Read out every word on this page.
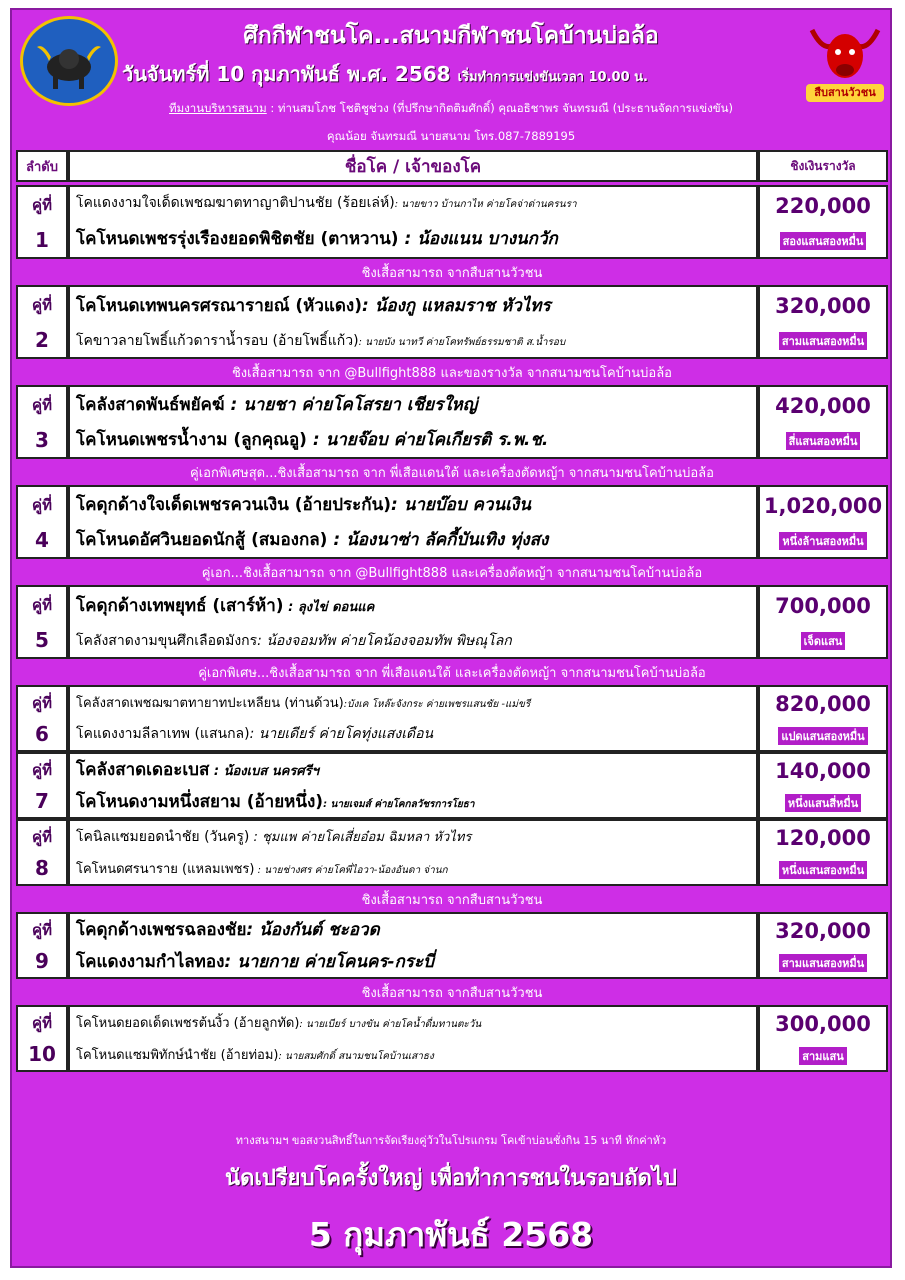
สืบสานวัวชน
ศึกกีฬาชนโค...สนามกีฬาชนโคบ้านบ่อล้อ
วันจันทร์ที่ 10 กุมภาพันธ์ พ.ศ. 2568 เริ่มทำการแข่งขันเวลา 10.00 น.
ทีมงานบริหารสนาม : ท่านสมโภช โชติชูช่วง (ที่ปรึกษากิตติมศักดิ์) คุณอธิชาพร จันทรมณี (ประธานจัดการแข่งขัน)
คุณน้อย จันทรมณี นายสนาม โทร.087-7889195
ลำดับ	ชื่อโค / เจ้าของโค	ชิงเงินรางวัล
คู่ที่
1
โคแดงงามใจเด็ดเพชฌฆาตทาญาติปานชัย (ร้อยเล่ห์): นายขาว บ้านกาไห ค่ายโคจ่าด่านครนรา
โคโหนดเพชรรุ่งเรืองยอดพิชิตชัย (ตาหวาน) : น้องแนน บางนกวัก
220,000
สองแสนสองหมื่น
ชิงเสื้อสามารถ จากสืบสานวัวชน
คู่ที่
2
โคโหนดเทพนครศรณารายณ์ (หัวแดง): น้องกู แหลมราช หัวไทร
โคขาวลายโพธิ์แก้วดาราน้ำรอบ (อ้ายโพธิ์แก้ว): นายบัง นาทวี ค่ายโคทรัพย์ธรรมชาติ ส.น้ำรอบ
320,000
สามแสนสองหมื่น
ชิงเสื้อสามารถ จาก @Bullfight888 และของรางวัล จากสนามชนโคบ้านบ่อล้อ
คู่ที่
3
โคลังสาดพันธ์พยัคฆ์ : นายชา ค่ายโคโสรยา เชียรใหญ่
โคโหนดเพชรน้ำงาม (ลูกคุณอู) : นายจ๊อบ ค่ายโคเกียรติ ร.พ.ช.
420,000
สี่แสนสองหมื่น
คู่เอกพิเศษสุด...ชิงเสื้อสามารถ จาก พี่เสือแดนใต้ และเครื่องตัดหญ้า จากสนามชนโคบ้านบ่อล้อ
คู่ที่
4
โคดุกด้างใจเด็ดเพชรควนเงิน (อ้ายประกัน): นายบ๊อบ ควนเงิน
โคโหนดอัศวินยอดนักสู้ (สมองกล) : น้องนาซ่า ลัคกี้บันเทิง ทุ่งสง
1,020,000
หนึ่งล้านสองหมื่น
คู่เอก...ชิงเสื้อสามารถ จาก @Bullfight888 และเครื่องตัดหญ้า จากสนามชนโคบ้านบ่อล้อ
คู่ที่
5
โคดุกด้างเทพยุทธ์ (เสาร์ห้า) : ลุงไข่ ดอนแค
โคลังสาดงามขุนศึกเลือดมังกร: น้องจอมทัพ ค่ายโคน้องจอมทัพ พิษณุโลก
700,000
เจ็ดแสน
คู่เอกพิเศษ...ชิงเสื้อสามารถ จาก พี่เสือแดนใต้ และเครื่องตัดหญ้า จากสนามชนโคบ้านบ่อล้อ
คู่ที่
6
โคลังสาดเพชฌฆาตทายาทปะเหลียน (ท่านด้วน):บังเค โหล๊ะจังกระ ค่ายเพชรแสนชัย -แม่ขรี
โคแดงงามลีลาเทพ (แสนกล): นายเดียร์ ค่ายโคทุ่งแสงเดือน
820,000
แปดแสนสองหมื่น
คู่ที่
7
โคลังสาดเดอะเบส : น้องเบส นครศรีฯ
โคโหนดงามหนึ่งสยาม (อ้ายหนึ่ง): นายเจมส์ ค่ายโคกลวัชรการโยธา
140,000
หนึ่งแสนสี่หมื่น
คู่ที่
8
โคนิลแซมยอดนำชัย (วันครู) : ชุมแพ ค่ายโคเสี่ยอ๋อม ฉิมหลา หัวไทร
โคโหนดศรนาราย (แหลมเพชร) : นายช่างศร ค่ายโคพี่ไอวา-น้องอันดา จ่านก
120,000
หนึ่งแสนสองหมื่น
ชิงเสื้อสามารถ จากสืบสานวัวชน
คู่ที่
9
โคดุกด้างเพชรฉลองชัย: น้องกันต์ ชะอวด
โคแดงงามกำไลทอง: นายกาย ค่ายโคนคร-กระบี่
320,000
สามแสนสองหมื่น
ชิงเสื้อสามารถ จากสืบสานวัวชน
คู่ที่
10
โคโหนดยอดเด็ดเพชรต้นงิ้ว (อ้ายลูกทัด): นายเบียร์ บางขัน ค่ายโคน้ำดื่มทานตะวัน
โคโหนดแซมพิทักษ์นำชัย (อ้ายท่อม): นายสมศักดิ์ สนามชนโคบ้านเสาธง
300,000
สามแสน
ทางสนามฯ ขอสงวนสิทธิ์ในการจัดเรียงคู่วัวในโปรแกรม โคเข้าบ่อนชั่งกิน 15 นาที หักค่าหัว
นัดเปรียบโคครั้งใหญ่ เพื่อทำการชนในรอบถัดไป
5 กุมภาพันธ์ 2568
